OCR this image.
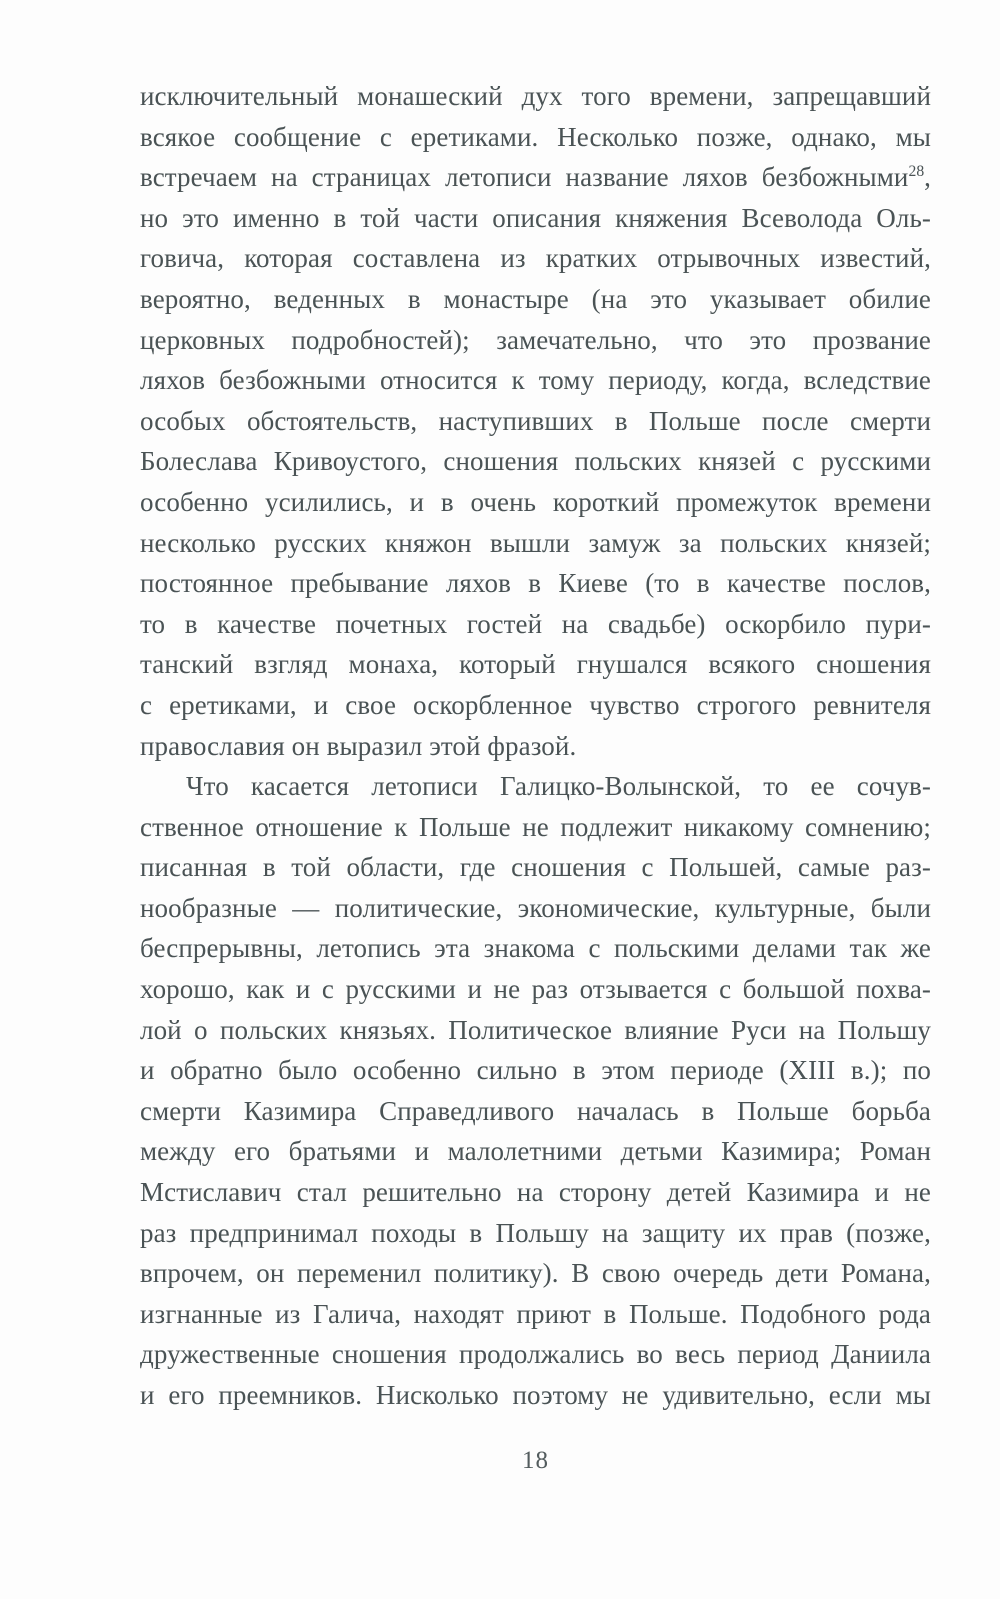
исключительный монашеский дух того времени, запрещавший
всякое сообщение с еретиками. Несколько позже, однако, мы
встречаем на страницах летописи название ляхов безбожными$^{28}$,
но это именно в той части описания княжения Всеволода Оль-
говича, которая составлена из кратких отрывочных известий,
вероятно, веденных в монастыре (на это указывает обилие
церковных подробностей); замечательно, что это прозвание
ляхов безбожными относится к тому периоду, когда, вследствие
особых обстоятельств, наступивших в Польше после смерти
Болеслава Кривоустого, сношения польских князей с русскими
особенно усилились, и в очень короткий промежуток времени
несколько русских княжон вышли замуж за польских князей;
постоянное пребывание ляхов в Киеве (то в качестве послов,
то в качестве почетных гостей на свадьбе) оскорбило пури-
танский взгляд монаха, который гнушался всякого сношения
с еретиками, и свое оскорбленное чувство строгого ревнителя
православия он выразил этой фразой.
Что касается летописи Галицко-Волынской, то ее сочув-
ственное отношение к Польше не подлежит никакому сомнению;
писанная в той области, где сношения с Польшей, самые раз-
нообразные — политические, экономические, культурные, были
беспрерывны, летопись эта знакома с польскими делами так же
хорошо, как и с русскими и не раз отзывается с большой похва-
лой о польских князьях. Политическое влияние Руси на Польшу
и обратно было особенно сильно в этом периоде (XIII в.); по
смерти Казимира Справедливого началась в Польше борьба
между его братьями и малолетними детьми Казимира; Роман
Мстиславич стал решительно на сторону детей Казимира и не
раз предпринимал походы в Польшу на защиту их прав (позже,
впрочем, он переменил политику). В свою очередь дети Романа,
изгнанные из Галича, находят приют в Польше. Подобного рода
дружественные сношения продолжались во весь период Даниила
и его преемников. Нисколько поэтому не удивительно, если мы
18
